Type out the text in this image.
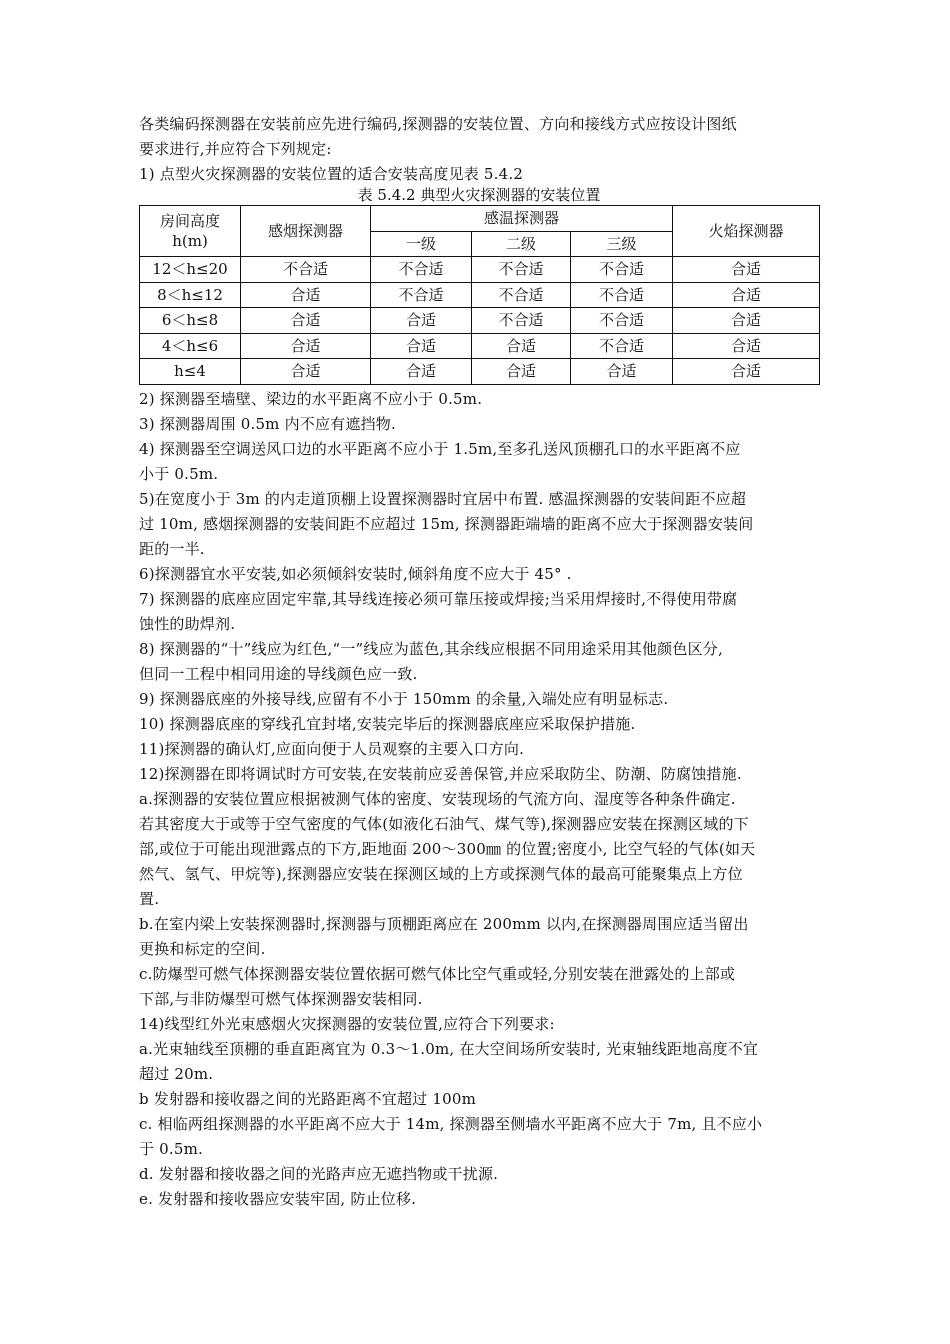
各类编码探测器在安装前应先进行编码,探测器的安装位置、方向和接线方式应按设计图纸
要求进行,并应符合下列规定:
1) 点型火灾探测器的安装位置的适合安装高度见表 5.4.2
表 5.4.2 典型火灾探测器的安装位置
房间高度 h(m)	感烟探测器	感温探测器			火焰探测器
		一级	二级	三级	
12＜h≤20	不合适	不合适	不合适	不合适	合适
8＜h≤12	合适	不合适	不合适	不合适	合适
6＜h≤8	合适	合适	不合适	不合适	合适
4＜h≤6	合适	合适	合适	不合适	合适
h≤4	合适	合适	合适	合适	合适
2) 探测器至墙壁、梁边的水平距离不应小于 0.5m.
3) 探测器周围 0.5m 内不应有遮挡物.
4) 探测器至空调送风口边的水平距离不应小于 1.5m,至多孔送风顶棚孔口的水平距离不应
小于 0.5m.
5)在宽度小于 3m 的内走道顶棚上设置探测器时宜居中布置. 感温探测器的安装间距不应超
过 10m, 感烟探测器的安装间距不应超过 15m, 探测器距端墙的距离不应大于探测器安装间
距的一半.
6)探测器宜水平安装,如必须倾斜安装时,倾斜角度不应大于 45° .
7) 探测器的底座应固定牢靠,其导线连接必须可靠压接或焊接;当采用焊接时,不得使用带腐
蚀性的助焊剂.
8) 探测器的“十”线应为红色,“一”线应为蓝色,其余线应根据不同用途采用其他颜色区分,
但同一工程中相同用途的导线颜色应一致.
9) 探测器底座的外接导线,应留有不小于 150mm 的余量,入端处应有明显标志.
10) 探测器底座的穿线孔宜封堵,安装完毕后的探测器底座应采取保护措施.
11)探测器的确认灯,应面向便于人员观察的主要入口方向.
12)探测器在即将调试时方可安装,在安装前应妥善保管,并应采取防尘、防潮、防腐蚀措施.
a.探测器的安装位置应根据被测气体的密度、安装现场的气流方向、湿度等各种条件确定.
若其密度大于或等于空气密度的气体(如液化石油气、煤气等),探测器应安装在探测区域的下
部,或位于可能出现泄露点的下方,距地面 200～300㎜ 的位置;密度小, 比空气轻的气体(如天
然气、氢气、甲烷等),探测器应安装在探测区域的上方或探测气体的最高可能聚集点上方位
置.
b.在室内梁上安装探测器时,探测器与顶棚距离应在 200mm 以内,在探测器周围应适当留出
更换和标定的空间.
c.防爆型可燃气体探测器安装位置依据可燃气体比空气重或轻,分别安装在泄露处的上部或
下部,与非防爆型可燃气体探测器安装相同.
14)线型红外光束感烟火灾探测器的安装位置,应符合下列要求:
a.光束轴线至顶棚的垂直距离宜为 0.3～1.0m, 在大空间场所安装时, 光束轴线距地高度不宜
超过 20m.
b 发射器和接收器之间的光路距离不宜超过 100m
c. 相临两组探测器的水平距离不应大于 14m, 探测器至侧墙水平距离不应大于 7m, 且不应小
于 0.5m.
d. 发射器和接收器之间的光路声应无遮挡物或干扰源.
e. 发射器和接收器应安装牢固, 防止位移.
